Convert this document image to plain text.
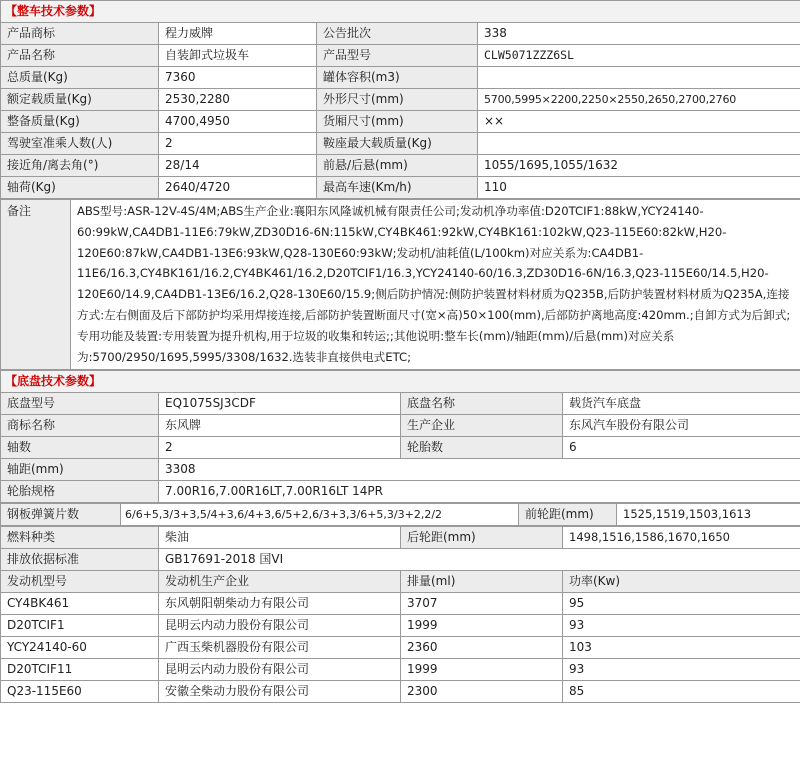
【整车技术参数】			
产品商标	程力威牌	公告批次	338
产品名称	自装卸式垃圾车	产品型号	CLW5071ZZZ6SL
总质量(Kg)	7360	罐体容积(m3)	
额定载质量(Kg)	2530,2280	外形尺寸(mm)	5700,5995×2200,2250×2550,2650,2700,2760
整备质量(Kg)	4700,4950	货厢尺寸(mm)	××
驾驶室准乘人数(人)	2	鞍座最大载质量(Kg)	
接近角/离去角(°)	28/14	前悬/后悬(mm)	1055/1695,1055/1632
轴荷(Kg)	2640/4720	最高车速(Km/h)	110
备注	ABS型号:ASR-12V-4S/4M;ABS生产企业:襄阳东风隆诚机械有限责任公司;发动机净功率值:D20TCIF1:88kW,YCY24140-60:99kW,CA4DB1-11E6:79kW,ZD30D16-6N:115kW,CY4BK461:92kW,CY4BK161:102kW,Q23-115E60:82kW,H20-120E60:87kW,CA4DB1-13E6:93kW,Q28-130E60:93kW;发动机/油耗值(L/100km)对应关系为:CA4DB1-11E6/16.3,CY4BK161/16.2,CY4BK461/16.2,D20TCIF1/16.3,YCY24140-60/16.3,ZD30D16-6N/16.3,Q23-115E60/14.5,H20-120E60/14.9,CA4DB1-13E6/16.2,Q28-130E60/15.9;侧后防护情况:侧防护装置材料材质为Q235B,后防护装置材料材质为Q235A,连接方式:左右侧面及后下部防护均采用焊接连接,后部防护装置断面尺寸(宽×高)50×100(mm),后部防护离地高度:420mm.;自卸方式为后卸式;专用功能及装置:专用装置为提升机构,用于垃圾的收集和转运;;其他说明:整车长(mm)/轴距(mm)/后悬(mm)对应关系为:5700/2950/1695,5995/3308/1632.选装非直接供电式ETC;
【底盘技术参数】			
底盘型号	EQ1075SJ3CDF	底盘名称	载货汽车底盘
商标名称	东风牌	生产企业	东风汽车股份有限公司
轴数	2	轮胎数	6
轴距(mm)	3308		
轮胎规格	7.00R16,7.00R16LT,7.00R16LT 14PR		
钢板弹簧片数	6/6+5,3/3+3,5/4+3,6/4+3,6/5+2,6/3+3,3/6+5,3/3+2,2/2	前轮距(mm)	1525,1519,1503,1613
燃料种类	柴油	后轮距(mm)	1498,1516,1586,1670,1650
排放依据标准	GB17691-2018 国VI		
发动机型号	发动机生产企业	排量(ml)	功率(Kw)
CY4BK461	东风朝阳朝柴动力有限公司	3707	95
D20TCIF1	昆明云内动力股份有限公司	1999	93
YCY24140-60	广西玉柴机器股份有限公司	2360	103
D20TCIF11	昆明云内动力股份有限公司	1999	93
Q23-115E60	安徽全柴动力股份有限公司	2300	85
